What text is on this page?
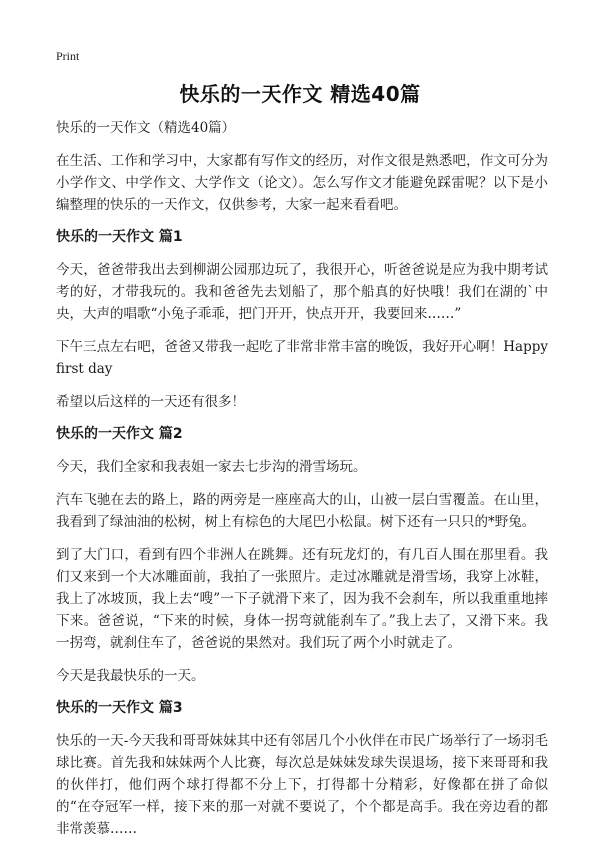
Print
快乐的一天作文 精选40篇
快乐的一天作文（精选40篇）

在生活、工作和学习中，大家都有写作文的经历，对作文很是熟悉吧，作文可分为小学作文、中学作文、大学作文（论文）。怎么写作文才能避免踩雷呢？以下是小编整理的快乐的一天作文，仅供参考，大家一起来看看吧。

快乐的一天作文 篇1

今天，爸爸带我出去到柳湖公园那边玩了，我很开心，听爸爸说是应为我中期考试考的好，才带我玩的。我和爸爸先去划船了，那个船真的好快哦！我们在湖的`中央，大声的唱歌“小兔子乖乖，把门开开，快点开开，我要回来……”

下午三点左右吧，爸爸又带我一起吃了非常非常丰富的晚饭，我好开心啊！Happy first day

希望以后这样的一天还有很多！

快乐的一天作文 篇2

今天，我们全家和我表姐一家去七步沟的滑雪场玩。

汽车飞驰在去的路上，路的两旁是一座座高大的山，山被一层白雪覆盖。在山里，我看到了绿油油的松树，树上有棕色的大尾巴小松鼠。树下还有一只只的*野兔。

到了大门口，看到有四个非洲人在跳舞。还有玩龙灯的，有几百人围在那里看。我们又来到一个大冰雕面前，我拍了一张照片。走过冰雕就是滑雪场，我穿上冰鞋，我上了冰坡顶，我上去“嗖”一下子就滑下来了，因为我不会刹车，所以我重重地摔下来。爸爸说，“下来的时候，身体一拐弯就能刹车了。”我上去了，又滑下来。我一拐弯，就刹住车了，爸爸说的果然对。我们玩了两个小时就走了。

今天是我最快乐的一天。

快乐的一天作文 篇3

快乐的一天-今天我和哥哥妹妹其中还有邻居几个小伙伴在市民广场举行了一场羽毛球比赛。首先我和妹妹两个人比赛，每次总是妹妹发球失误退场，接下来哥哥和我的伙伴打，他们两个球打得都不分上下，打得都十分精彩，好像都在拼了命似的“在夺冠军一样，接下来的那一对就不要说了，个个都是高手。我在旁边看的都非常羡慕……
